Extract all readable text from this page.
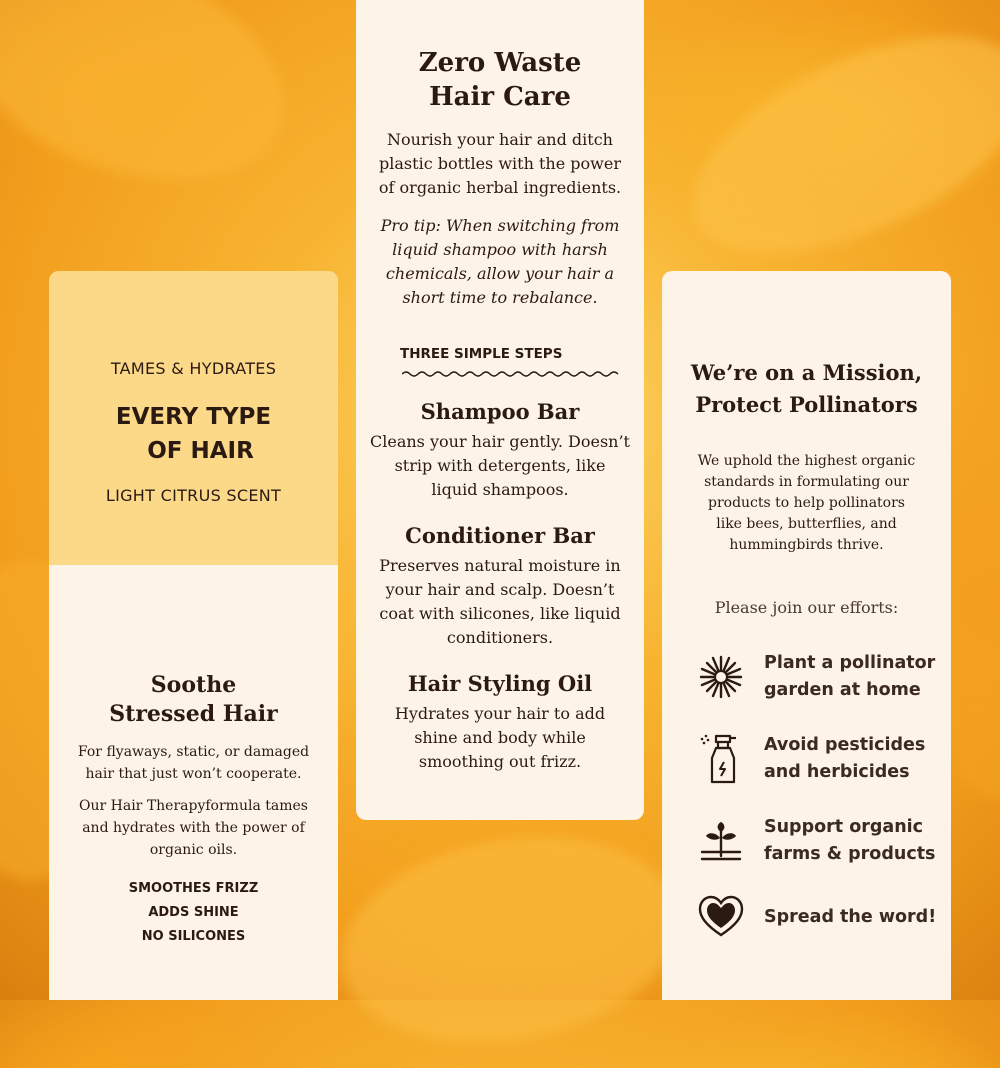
TAMES & HYDRATES
EVERY TYPE
OF HAIR
LIGHT CITRUS SCENT
Soothe
Stressed Hair
For flyaways, static, or damaged hair that just won’t cooperate.
Our Hair Therapyformula tames and hydrates with the power of organic oils.
SMOOTHES FRIZZ
ADDS SHINE
NO SILICONES
Zero Waste
Hair Care
Nourish your hair and ditch plastic bottles with the power of organic herbal ingredients.
Pro tip: When switching from liquid shampoo with harsh chemicals, allow your hair a short time to rebalance.
THREE SIMPLE STEPS
Shampoo Bar
Cleans your hair gently. Doesn’t strip with detergents, like liquid shampoos.
Conditioner Bar
Preserves natural moisture in your hair and scalp. Doesn’t coat with silicones, like liquid conditioners.
Hair Styling Oil
Hydrates your hair to add shine and body while smoothing out frizz.
We’re on a Mission,
Protect Pollinators
We uphold the highest organic standards in formulating our products to help pollinators like bees, butterflies, and hummingbirds thrive.
Please join our efforts:
Plant a pollinator
garden at home
Avoid pesticides
and herbicides
Support organic
farms & products
Spread the word!
